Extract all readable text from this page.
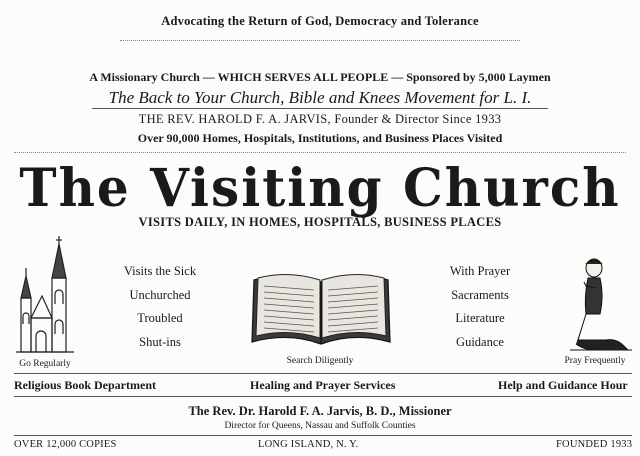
Advocating the Return of God, Democracy and Tolerance
A Missionary Church — WHICH SERVES ALL PEOPLE — Sponsored by 5,000 Laymen
The Back to Your Church, Bible and Knees Movement for L. I.
THE REV. HAROLD F. A. JARVIS, Founder & Director Since 1933
Over 90,000 Homes, Hospitals, Institutions, and Business Places Visited
The Visiting Church
VISITS DAILY, IN HOMES, HOSPITALS, BUSINESS PLACES
Go Regularly
Visits the Sick
Unchurched
Troubled
Shut-ins
Search Diligently
With Prayer
Sacraments
Literature
Guidance
Pray Frequently
Religious Book Department	Healing and Prayer Services	Help and Guidance Hour
The Rev. Dr. Harold F. A. Jarvis, B. D., Missioner
Director for Queens, Nassau and Suffolk Counties
OVER 12,000 COPIES	LONG ISLAND, N. Y.	FOUNDED 1933
